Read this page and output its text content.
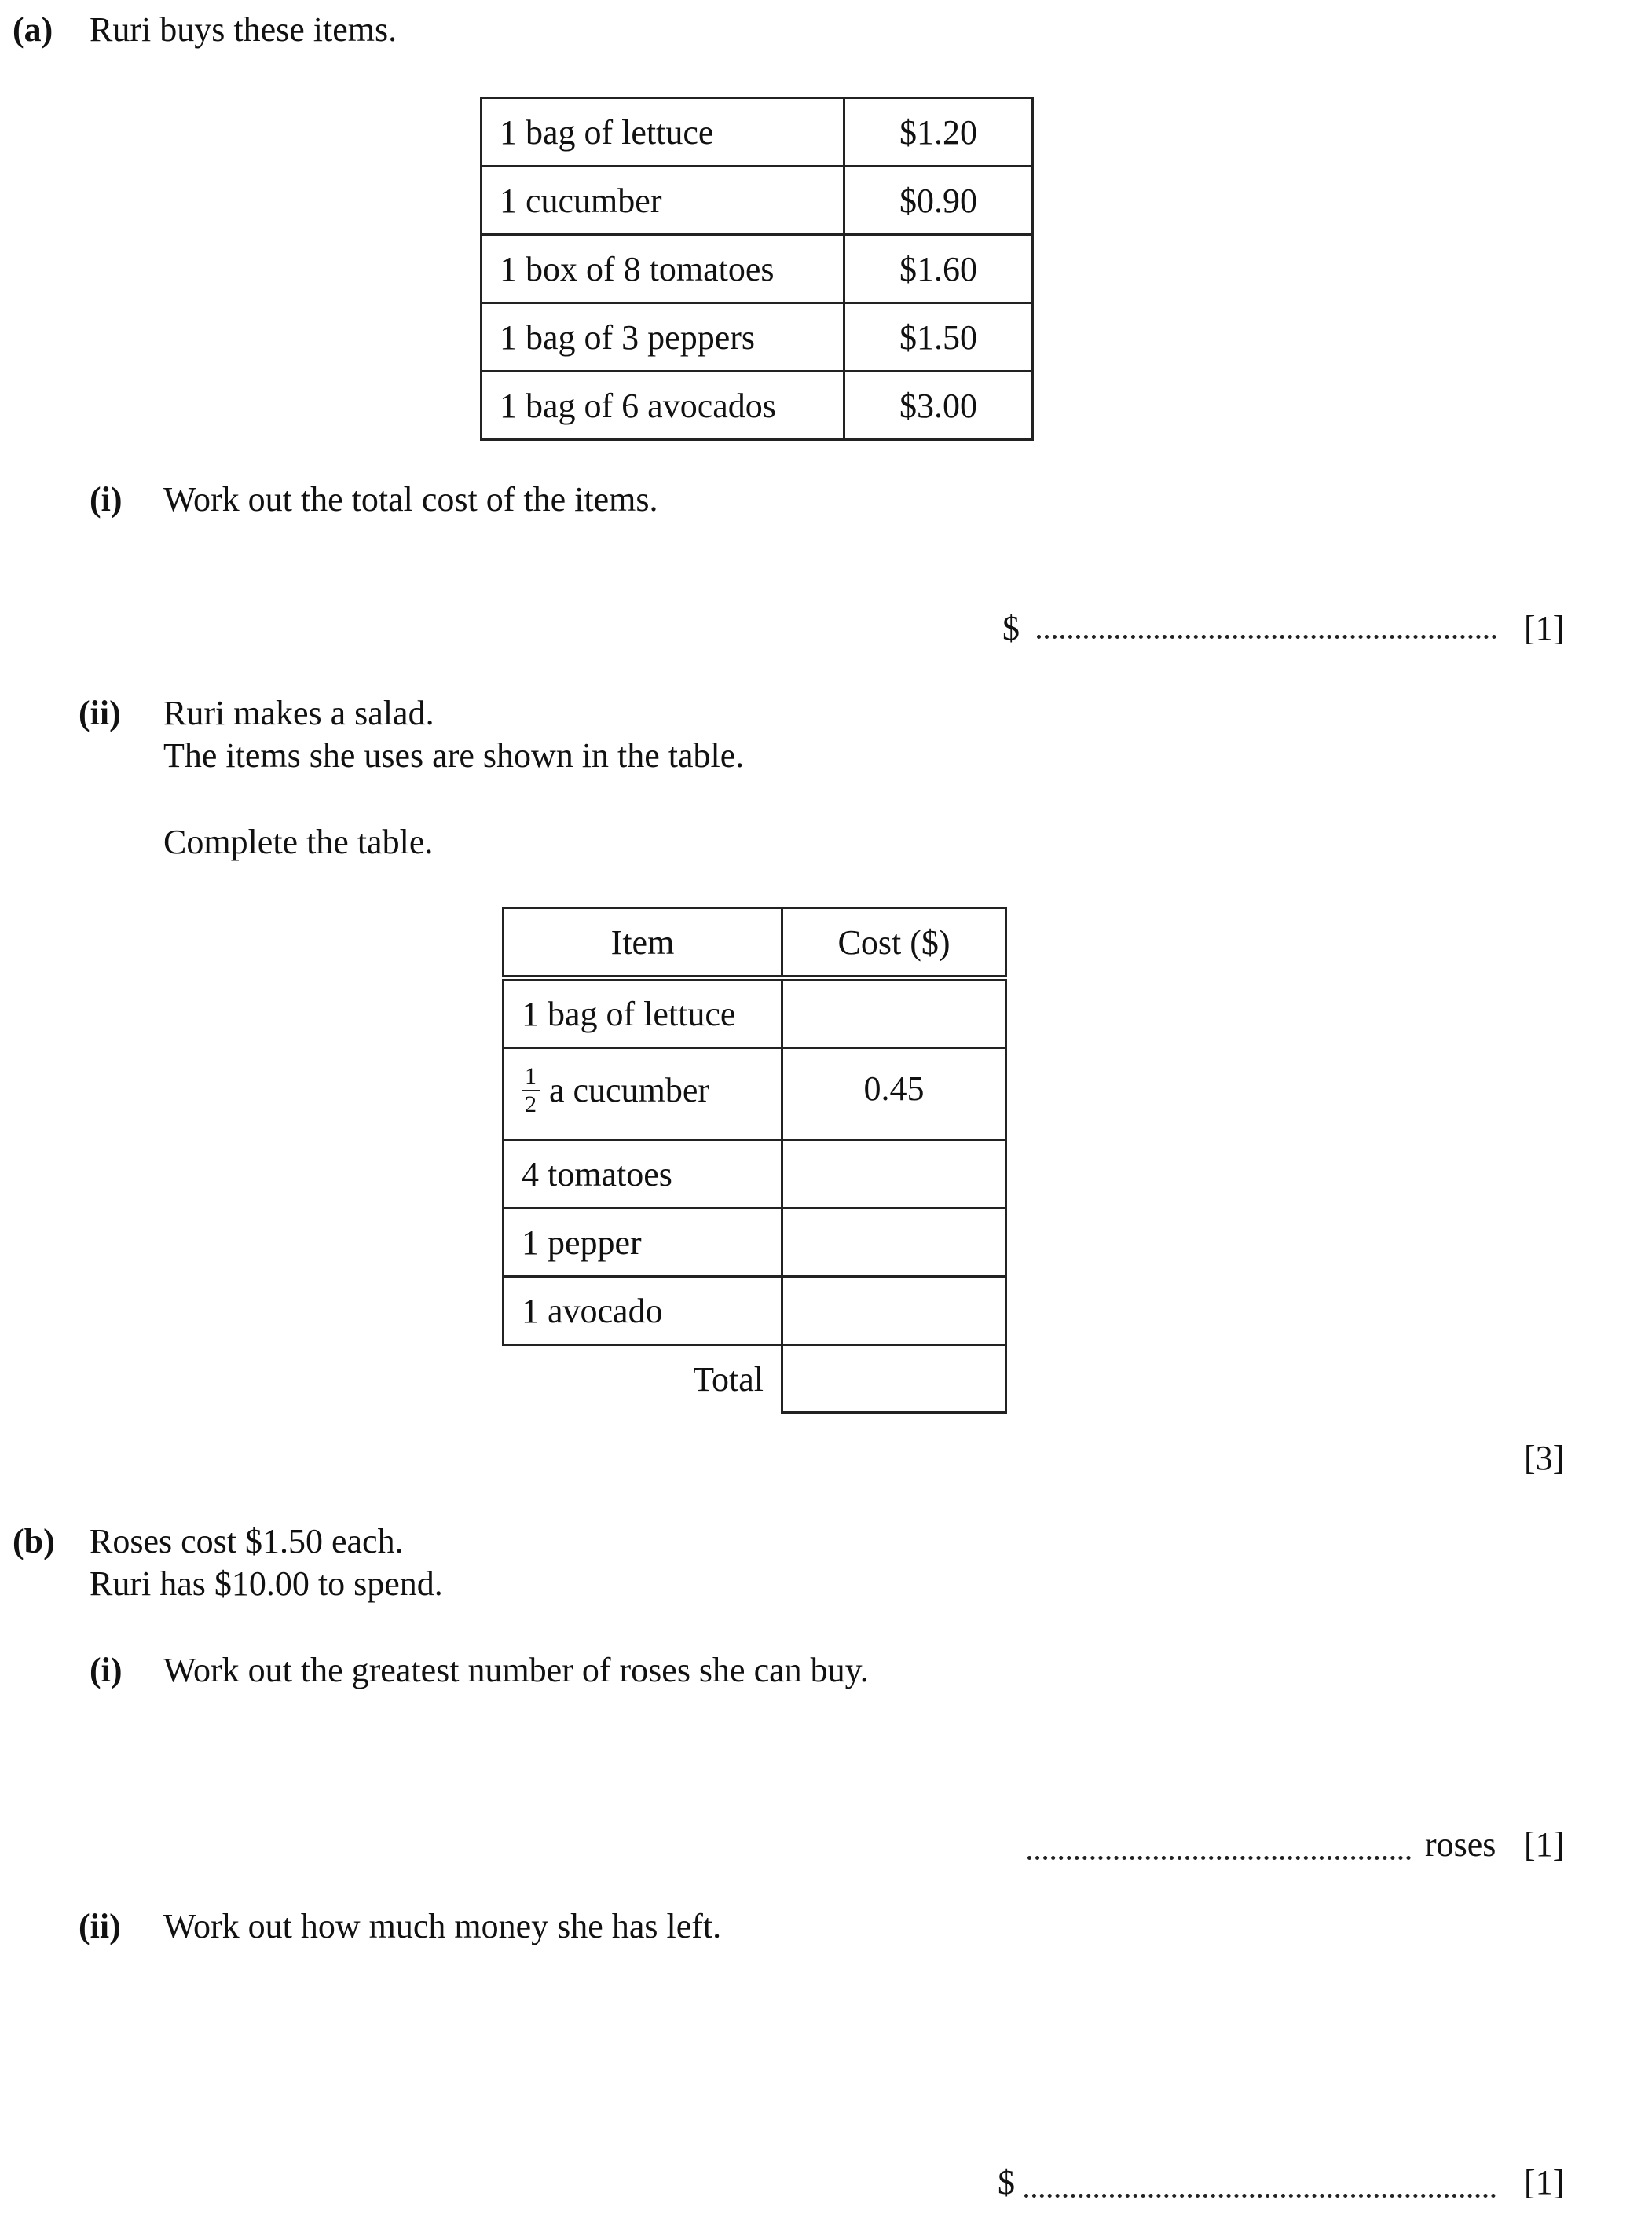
(a) Ruri buys these items.
1 bag of lettuce	$1.20
1 cucumber	$0.90
1 box of 8 tomatoes	$1.60
1 bag of 3 peppers	$1.50
1 bag of 6 avocados	$3.00
(i) Work out the total cost of the items.
$	[1]
(ii) Ruri makes a salad.
The items she uses are shown in the table.
Complete the table.
Item	Cost ($)
1 bag of lettuce	

$\frac{1}{2}$ a cucumber	0.45
4 tomatoes	
1 pepper	
1 avocado	
Total	
[3]
(b) Roses cost $1.50 each.
Ruri has $10.00 to spend.
(i) Work out the greatest number of roses she can buy.
roses [1]
(ii) Work out how much money she has left.
$	[1]
